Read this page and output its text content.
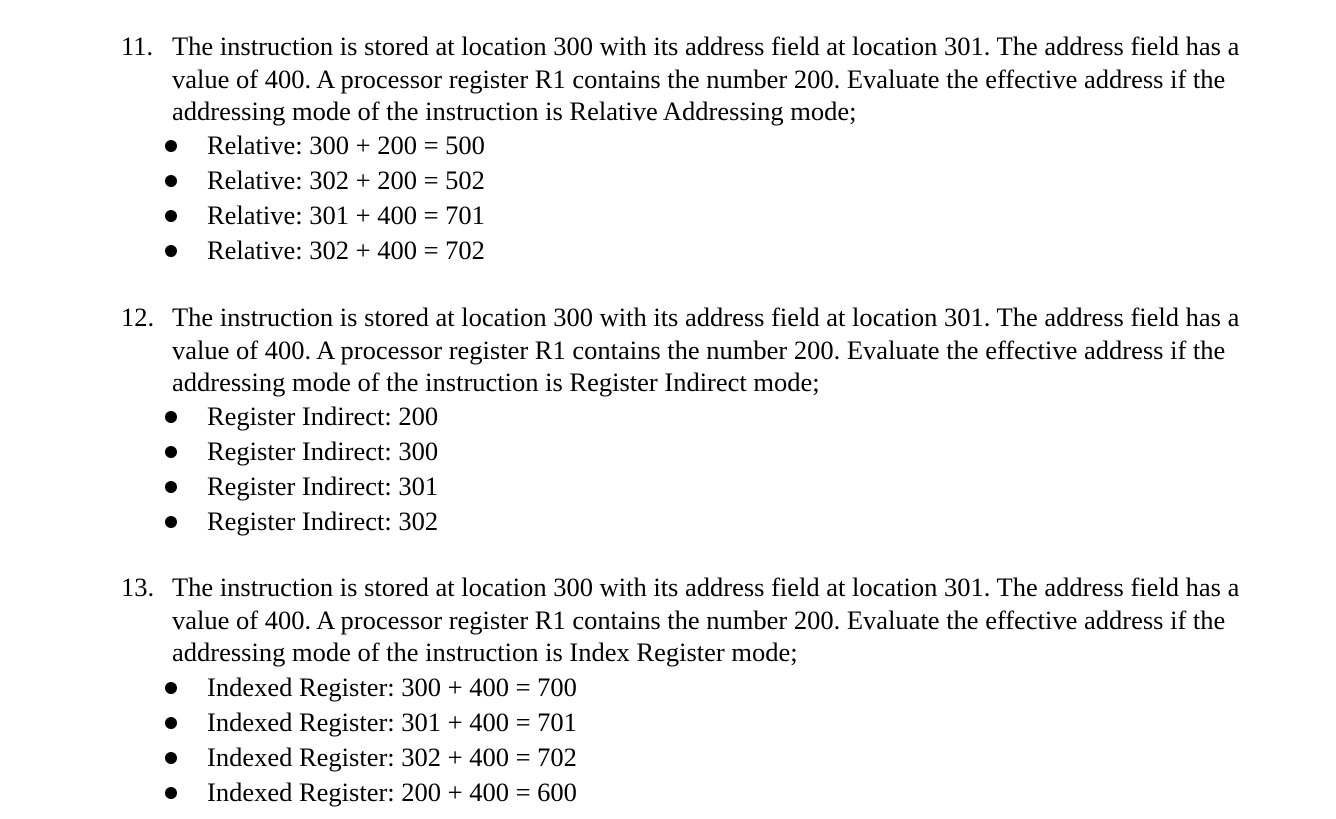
11. The instruction is stored at location 300 with its address field at location 301. The address field has a value of 400. A processor register R1 contains the number 200. Evaluate the effective address if the addressing mode of the instruction is Relative Addressing mode;
Relative: 300 + 200 = 500
Relative: 302 + 200 = 502
Relative: 301 + 400 = 701
Relative: 302 + 400 = 702
12. The instruction is stored at location 300 with its address field at location 301. The address field has a value of 400. A processor register R1 contains the number 200. Evaluate the effective address if the addressing mode of the instruction is Register Indirect mode;
Register Indirect: 200
Register Indirect: 300
Register Indirect: 301
Register Indirect: 302
13. The instruction is stored at location 300 with its address field at location 301. The address field has a value of 400. A processor register R1 contains the number 200. Evaluate the effective address if the addressing mode of the instruction is Index Register mode;
Indexed Register: 300 + 400 = 700
Indexed Register: 301 + 400 = 701
Indexed Register: 302 + 400 = 702
Indexed Register: 200 + 400 = 600
